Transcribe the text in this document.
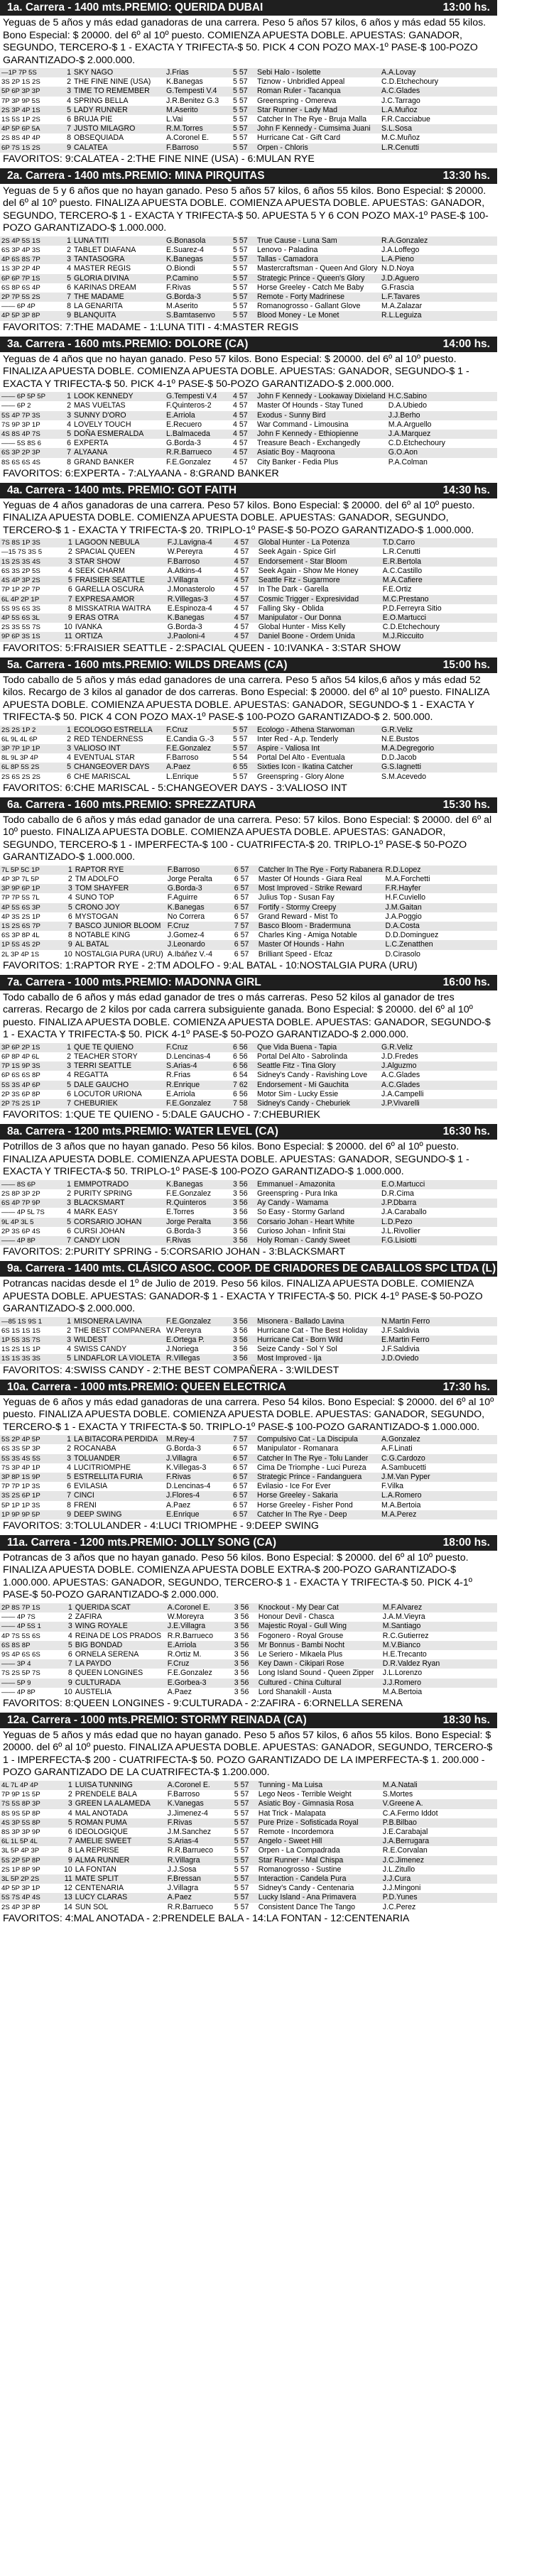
1a. Carrera - 1400 mts.PREMIO: QUERIDA DUBAI	13:00 hs.
Yeguas de 5 años y más edad ganadoras de una carrera. Peso 5 años 57 kilos, 6 años y más edad 55 kilos. Bono Especial: $ 20000. del 6º al 10º puesto. COMIENZA APUESTA DOBLE. APUESTAS: GANADOR, SEGUNDO, TERCERO-$ 1 - EXACTA Y TRIFECTA-$ 50. PICK 4 CON POZO MAX-1º PASE-$ 100-POZO GARANTIZADO-$ 2.000.000.
—1P 7P 5S	1	SKY NAGO	J.Frias	5 57	Sebi Halo - Isolette	A.A.Lovay
3S 2P 1S 2S	2	THE FINE NINE (USA)	K.Banegas	5 57	Tiznow - Unbridled Appeal	C.D.Etchechoury
5P 6P 3P 3P	3	TIME TO REMEMBER	G.Tempesti V.4	5 57	Roman Ruler - Tacanqua	A.C.Glades
7P 3P 9P 5S	4	SPRING BELLA	J.R.Benitez G.3	5 57	Greenspring - Omereva	J.C.Tarrago
2S 3P 4P 1S	5	LADY RUNNER	M.Aserito	5 57	Star Runner - Lady Mad	L.A.Muñoz
1S 5S 1P 2S	6	BRUJA PIE	L.Vai	5 57	Catcher In The Rye - Bruja Malla	F.R.Cacciabue
4P 5P 6P 5A	7	JUSTO MILAGRO	R.M.Torres	5 57	John F Kennedy - Cumsima Juani	S.L.Sosa
2S 8S 4P 4P	8	OBSEQUIADA	A.Coronel E.	5 57	Hurricane Cat - Gift Card	M.C.Muñoz
6P 7S 1S 2S	9	CALATEA	F.Barroso	5 57	Orpen - Chloris	L.R.Cenutti
FAVORITOS: 9:CALATEA - 2:THE FINE NINE (USA) - 6:MULAN RYE
2a. Carrera - 1400 mts.PREMIO: MINA PIRQUITAS	13:30 hs.
Yeguas de 5 y 6 años que no hayan ganado. Peso 5 años 57 kilos, 6 años 55 kilos. Bono Especial: $ 20000. del 6º al 10º puesto. FINALIZA APUESTA DOBLE. COMIENZA APUESTA DOBLE. APUESTAS: GANADOR, SEGUNDO, TERCERO-$ 1 - EXACTA Y TRIFECTA-$ 50. APUESTA 5 Y 6 CON POZO MAX-1º PASE-$ 100-POZO GARANTIZADO-$ 1.000.000.
2S 4P 5S 1S	1	LUNA TITI	G.Bonasola	5 57	True Cause - Luna Sam	R.A.Gonzalez
6S 3P 4P 3S	2	TABLET DIAFANA	E.Suarez-4	5 57	Lenovo - Paladina	J.A.Loffego
4P 6S 8S 7P	3	TANTASOGRA	K.Banegas	5 57	Tallas - Camadora	L.A.Pieno
1S 3P 2P 4P	4	MASTER REGIS	O.Biondi	5 57	Mastercraftsman - Queen And Glory	N.D.Noya
6P 6P 7P 1S	5	GLORIA DIVINA	P.Camino	5 57	Strategic Prince - Queen's Glory	J.D.Aguero
6S 8P 6S 4P	6	KARINAS DREAM	F.Rivas	5 57	Horse Greeley - Catch Me Baby	G.Frascia
2P 7P 5S 2S	7	THE MADAME	G.Borda-3	5 57	Remote - Forty Madrinese	L.F.Tavares
—— 6P 4P	8	LA GENARITA	M.Aserito	5 57	Romanogrosso - Gallant Glove	M.A.Zalazar
4P 5P 3P 8P	9	BLANQUITA	S.Bamtasenvo	5 57	Blood Money - Le Monet	R.L.Leguiza
FAVORITOS: 7:THE MADAME - 1:LUNA TITI - 4:MASTER REGIS
3a. Carrera - 1600 mts.PREMIO: DOLORE (CA)	14:00 hs.
Yeguas de 4 años que no hayan ganado. Peso 57 kilos. Bono Especial: $ 20000. del 6º al 10º puesto. FINALIZA APUESTA DOBLE. COMIENZA APUESTA DOBLE. APUESTAS: GANADOR, SEGUNDO-$ 1 - EXACTA Y TRIFECTA-$ 50. PICK 4-1º PASE-$ 50-POZO GARANTIZADO-$ 2.000.000.
—— 6P 5P 5P	1	LOOK KENNEDY	G.Tempesti V.4	4 57	John F Kennedy - Lookaway Dixieland	H.C.Sabino
—— 6P 2	2	MAS VUELTAS	F.Quinteros-2	4 57	Master Of Hounds - Stay Tuned	D.A.Ubiedo
5S 4P 7P 3S	3	SUNNY D'ORO	E.Arriola	4 57	Exodus - Sunny Bird	J.J.Berho
7S 9P 3P 1P	4	LOVELY TOUCH	E.Recuero	4 57	War Command - Limousina	M.A.Arguello
4S 8S 4P 7S	5	DOÑA ESMERALDA	L.Balmaceda	4 57	John F Kennedy - Ethiopienne	J.A.Marquez
—— 5S 8S 6	6	EXPERTA	G.Borda-3	4 57	Treasure Beach - Exchangedly	C.D.Etchechoury
6S 3P 2P 3P	7	ALYAANA	R.R.Barrueco	4 57	Asiatic Boy - Maqroona	G.O.Aon
8S 6S 6S 4S	8	GRAND BANKER	F.E.Gonzalez	4 57	City Banker - Fedia Plus	P.A.Colman
FAVORITOS: 6:EXPERTA - 7:ALYAANA - 8:GRAND BANKER
4a. Carrera - 1400 mts. PREMIO: GOT FAITH	14:30 hs.
Yeguas de 4 años ganadoras de una carrera. Peso 57 kilos. Bono Especial: $ 20000. del 6º al 10º puesto. FINALIZA APUESTA DOBLE. COMIENZA APUESTA DOBLE. APUESTAS: GANADOR, SEGUNDO, TERCERO-$ 1 - EXACTA Y TRIFECTA-$ 20. TRIPLO-1º PASE-$ 50-POZO GARANTIZADO-$ 1.000.000.
7S 8S 1P 3S	1	LAGOON NEBULA	F.J.Lavigna-4	4 57	Global Hunter - La Potenza	T.D.Carro
—15 7S 3S 5	2	SPACIAL QUEEN	W.Pereyra	4 57	Seek Again - Spice Girl	L.R.Cenutti
1S 2S 3S 4S	3	STAR SHOW	F.Barroso	4 57	Endorsement - Star Bloom	E.R.Bertola
6S 3S 2P 5S	4	SEEK CHARM	A.Atkins-4	4 57	Seek Again - Show Me Honey	A.C.Castillo
4S 4P 3P 2S	5	FRAISIER SEATTLE	J.Villagra	4 57	Seattle Fitz - Sugarmore	M.A.Cafiere
7P 1P 2P 7P	6	GARELLA OSCURA	J.Monasterolo	4 57	In The Dark - Garella	F.E.Ortiz
6L 4P 2P 1P	7	EXPRESA AMOR	R.Villegas-3	4 57	Cosmic Trigger - Expresividad	M.C.Prestano
5S 9S 6S 3S	8	MISSKATRIA WAITRA	E.Espinoza-4	4 57	Falling Sky - Oblida	P.D.Ferreyra Sitio
4P 5S 6S 3L	9	ERAS OTRA	K.Banegas	4 57	Manipulator - Our Donna	E.O.Martucci
2S 3S 5S 7S	10	IVANKA	G.Borda-3	4 57	Global Hunter - Miss Kelly	C.D.Etchechoury
9P 6P 3S 1S	11	ORTIZA	J.Paoloni-4	4 57	Daniel Boone - Ordem Unida	M.J.Riccuito
FAVORITOS: 5:FRAISIER SEATTLE - 2:SPACIAL QUEEN - 10:IVANKA - 3:STAR SHOW
5a. Carrera - 1600 mts.PREMIO: WILDS DREAMS (CA)	15:00 hs.
Todo caballo de 5 años y más edad ganadores de una carrera. Peso 5 años 54 kilos,6 años y más edad 52 kilos. Recargo de 3 kilos al ganador de dos carreras. Bono Especial: $ 20000. del 6º al 10º puesto. FINALIZA APUESTA DOBLE. COMIENZA APUESTA DOBLE. APUESTAS: GANADOR, SEGUNDO-$ 1 - EXACTA Y TRIFECTA-$ 50. PICK 4 CON POZO MAX-1º PASE-$ 100-POZO GARANTIZADO-$ 2. 500.000.
2S 2S 1P 2	1	ECOLOGO ESTRELLA	F.Cruz	5 57	Ecologo - Athena Starwoman	G.R.Veliz
6L 9L 4L 6P	2	RED TENDERNESS	E.Candia G.-3	5 57	Inter Red - A.p. Tenderly	N.E.Bustos
3P 7P 1P 1P	3	VALIOSO INT	F.E.Gonzalez	5 57	Aspire - Valiosa Int	M.A.Degregorio
8L 9L 3P 4P	4	EVENTUAL STAR	F.Barroso	5 54	Portal Del Alto - Eventuala	D.D.Jacob
6L 8P 5S 2S	5	CHANGEOVER DAYS	A.Paez	6 55	Sixties Icon - Ikatina Catcher	G.S.Iagnetti
2S 6S 2S 2S	6	CHE MARISCAL	L.Enrique	5 57	Greenspring - Glory Alone	S.M.Acevedo
FAVORITOS: 6:CHE MARISCAL - 5:CHANGEOVER DAYS - 3:VALIOSO INT
6a. Carrera - 1600 mts.PREMIO: SPREZZATURA	15:30 hs.
Todo caballo de 6 años y más edad ganador de una carrera. Peso: 57 kilos. Bono Especial: $ 20000. del 6º al 10º puesto. FINALIZA APUESTA DOBLE. COMIENZA APUESTA DOBLE. APUESTAS: GANADOR, SEGUNDO, TERCERO-$ 1 - IMPERFECTA-$ 100 - CUATRIFECTA-$ 20. TRIPLO-1º PASE-$ 50-POZO GARANTIZADO-$ 1.000.000.
7L 5P 5C 1P	1	RAPTOR RYE	F.Barroso	6 57	Catcher In The Rye - Forty Rabanera	R.D.Lopez
4P 3P 7L 5P	2	TM ADOLFO	Jorge Peralta	6 57	Master Of Hounds - Giara Real	M.A.Forchetti
3P 9P 6P 1P	3	TOM SHAYFER	G.Borda-3	6 57	Most Improved - Strike Reward	F.R.Hayfer
7P 7P 5S 7L	4	SUNO TOP	F.Aguirre	6 57	Julius Top - Susan Fay	H.F.Cuviello
4P 5S 6S 3P	5	CRONO JOY	K.Banegas	6 57	Fortify - Stormy Creepy	J.M.Gaitan
4P 3S 2S 1P	6	MYSTOGAN	No Correra	6 57	Grand Reward - Mist To	J.A.Poggio
1S 2S 6S 7P	7	BASCO JUNIOR BLOOM	F.Cruz	7 57	Basco Bloom - Bradermuna	D.A.Costa
6S 3P 8P 4L	8	NOTABLE KING	J.Gomez-4	6 57	Charles King - Amiga Notable	D.D.Dominguez
1P 5S 4S 2P	9	AL BATAL	J.Leonardo	6 57	Master Of Hounds - Hahn	L.C.Zenatthen
2L 3P 4P 1S	10	NOSTALGIA PURA (URU)	A.Ibáñez V.-4	6 57	Brilliant Speed - Efcaz	D.Cirasolo
FAVORITOS: 1:RAPTOR RYE - 2:TM ADOLFO - 9:AL BATAL - 10:NOSTALGIA PURA (URU)
7a. Carrera - 1000 mts.PREMIO: MADONNA GIRL	16:00 hs.
Todo caballo de 6 años y más edad ganador de tres o más carreras. Peso 52 kilos al ganador de tres carreras. Recargo de 2 kilos por cada carrera subsiguiente ganada. Bono Especial: $ 20000. del 6º al 10º puesto. FINALIZA APUESTA DOBLE. COMIENZA APUESTA DOBLE. APUESTAS: GANADOR, SEGUNDO-$ 1 - EXACTA Y TRIFECTA-$ 50. PICK 4-1º PASE-$ 50-POZO GARANTIZADO-$ 2.000.000.
3P 6P 2P 1S	1	QUE TE QUIENO	F.Cruz	6 56	Que Vida Buena - Tapia	G.R.Veliz
6P 8P 4P 6L	2	TEACHER STORY	D.Lencinas-4	6 56	Portal Del Alto - Sabrolinda	J.D.Fredes
7P 1S 9P 3S	3	TERRI SEATTLE	S.Arias-4	6 56	Seattle Fitz - Tina Glory	J.Alguzmo
6P 6S 6S 8P	4	REGATTA	R.Frias	6 54	Sidney's Candy - Ravishing Love	A.C.Glades
5S 3S 4P 6P	5	DALE GAUCHO	R.Enrique	7 62	Endorsement - Mi Gauchita	A.C.Glades
2P 3S 6P 8P	6	LOCUTOR URIONA	E.Arriola	6 56	Motor Sim - Lucky Essie	J.A.Campelli
2P 7S 2S 1P	7	CHEBURIEK	F.E.Gonzalez	7 58	Sidney's Candy - Cheburiek	J.P.Vivarelli
FAVORITOS: 1:QUE TE QUIENO - 5:DALE GAUCHO - 7:CHEBURIEK
8a. Carrera - 1200 mts.PREMIO: WATER LEVEL (CA)	16:30 hs.
Potrillos de 3 años que no hayan ganado. Peso 56 kilos. Bono Especial: $ 20000. del 6º al 10º puesto. FINALIZA APUESTA DOBLE. COMIENZA APUESTA DOBLE. APUESTAS: GANADOR, SEGUNDO-$ 1 - EXACTA Y TRIFECTA-$ 50. TRIPLO-1º PASE-$ 100-POZO GARANTIZADO-$ 1.000.000.
—— 8S 6P	1	EMMPOTRADO	K.Banegas	3 56	Emmanuel - Amazonita	E.O.Martucci
2S 8P 3P 2P	2	PURITY SPRING	F.E.Gonzalez	3 56	Greenspring - Pura Inka	D.R.Cima
6S 4P 7P 9P	3	BLACKSMART	R.Quinteros	3 56	Ay Candy - Wamama	J.P.Dbarra
—— 4P 5L 7S	4	MARK EASY	E.Torres	3 56	So Easy - Stormy Garland	J.A.Caraballo
9L 4P 3L 5	5	CORSARIO JOHAN	Jorge Peralta	3 56	Corsario Johan - Heart White	L.D.Pezo
2P 3S 6P 4S	6	CURSI JOHAN	G.Borda-3	3 56	Curioso Johan - Infinit Stai	J.L.Rivollier
—— 4P 8P	7	CANDY LION	F.Rivas	3 56	Holy Roman - Candy Sweet	F.G.Lisiotti
FAVORITOS: 2:PURITY SPRING - 5:CORSARIO JOHAN - 3:BLACKSMART
9a. Carrera - 1400 mts. CLÁSICO ASOC. COOP. DE CRIADORES DE CABALLOS SPC LTDA (L) 17:00 hs.
Potrancas nacidas desde el 1º de Julio de 2019. Peso 56 kilos. FINALIZA APUESTA DOBLE. COMIENZA APUESTA DOBLE. APUESTAS: GANADOR-$ 1 - EXACTA Y TRIFECTA-$ 50. PICK 4-1º PASE-$ 50-POZO GARANTIZADO-$ 2.000.000.
—85 1S 9S 1	1	MISONERA LAVINA	F.E.Gonzalez	3 56	Misonera - Ballado Lavina	N.Martin Ferro
6S 1S 1S 1S	2	THE BEST COMPANERA	W.Pereyra	3 56	Hurricane Cat - The Best Holiday	J.F.Saldivia
1P 5S 3S 7S	3	WILDEST	E.Ortega P.	3 56	Hurricane Cat - Born Wild	E.Martin Ferro
1S 2S 1S 1P	4	SWISS CANDY	J.Noriega	3 56	Seize Candy - Sol Y Sol	J.F.Saldivia
1S 1S 3S 3S	5	LINDAFLOR LA VIOLETA	R.Villegas	3 56	Most Improved - Ija	J.D.Oviedo
FAVORITOS: 4:SWISS CANDY - 2:THE BEST COMPAÑERA - 3:WILDEST
10a. Carrera - 1000 mts.PREMIO: QUEEN ELECTRICA	17:30 hs.
Yeguas de 6 años y más edad ganadoras de una carrera. Peso 54 kilos. Bono Especial: $ 20000. del 6º al 10º puesto. FINALIZA APUESTA DOBLE. COMIENZA APUESTA DOBLE. APUESTAS: GANADOR, SEGUNDO, TERCERO-$ 1 - EXACTA Y TRIFECTA-$ 50. TRIPLO-1º PASE-$ 100-POZO GARANTIZADO-$ 1.000.000.
5S 2P 4P 5P	1	LA BITACORA PERDIDA	M.Rey-4	7 57	Compulsivo Cat - La Discipula	A.Gonzalez
6S 3S 5P 3P	2	ROCANABA	G.Borda-3	6 57	Manipulator - Romanara	A.F.Linati
5S 3S 4S 5S	3	TOLUANDER	J.Villagra	6 57	Catcher In The Rye - Tolu Lander	C.G.Cardozo
7S 3P 4P 1P	4	LUCITRIOMPHE	K.Villegas-3	6 57	Cima De Triomphe - Luci Pureza	A.Sambucetti
3P 8P 1S 9P	5	ESTRELLITA FURIA	F.Rivas	6 57	Strategic Prince - Fandanguera	J.M.Van Pyper
7P 7P 1P 3S	6	EVILASIA	D.Lencinas-4	6 57	Evilasio - Ice For Ever	F.Vilka
3S 2S 6P 1P	7	CINCI	J.Flores-4	6 57	Horse Greeley - Sakaria	L.A.Romero
5P 1P 1P 3S	8	FRENI	A.Paez	6 57	Horse Greeley - Fisher Pond	M.A.Bertoia
1P 9P 9P 5P	9	DEEP SWING	E.Enrique	6 57	Catcher In The Rye - Deep	M.A.Perez
FAVORITOS: 3:TOLULANDER - 4:LUCI TRIOMPHE - 9:DEEP SWING
11a. Carrera - 1200 mts.PREMIO: JOLLY SONG (CA)	18:00 hs.
Potrancas de 3 años que no hayan ganado. Peso 56 kilos. Bono Especial: $ 20000. del 6º al 10º puesto. FINALIZA APUESTA DOBLE. COMIENZA APUESTA DOBLE EXTRA-$ 200-POZO GARANTIZADO-$ 1.000.000. APUESTAS: GANADOR, SEGUNDO, TERCERO-$ 1 - EXACTA Y TRIFECTA-$ 50. PICK 4-1º PASE-$ 50-POZO GARANTIZADO-$ 2.000.000.
2P 8S 7P 1S	1	QUERIDA SCAT	A.Coronel E.	3 56	Knockout - My Dear Cat	M.F.Alvarez
—— 4P 7S	2	ZAFIRA	W.Moreyra	3 56	Honour Devil - Chasca	J.A.M.Vieyra
—— 4P 5S 1	3	WING ROYALE	J.E.Villagra	3 56	Majestic Royal - Gull Wing	M.Santiago
4P 7S 5S 6S	4	REINA DE LOS PRADOS	R.R.Barrueco	3 56	Fogonero - Royal Grouse	R.C.Gutierrez
6S 8S 8P	5	BIG BONDAD	E.Arriola	3 56	Mr Bonnus - Bambi Nocht	M.V.Bianco
9S 4P 6S 6S	6	ORNELA SERENA	R.Ortiz M.	3 56	Le Seriero - Mikaela Plus	H.E.Trecanto
—— 3P 4	7	LA PAYDO	F.Cruz	3 56	Key Dawn - Cikipari Rose	D.R.Valdez Ryan
7S 2S 5P 7S	8	QUEEN LONGINES	F.E.Gonzalez	3 56	Long Island Sound - Queen Zipper	J.L.Lorenzo
—— 5P 9	9	CULTURADA	E.Gorbea-3	3 56	Cultured - China Cultural	J.J.Romero
—— 4P 8P	10	AUSTELIA	A.Paez	3 56	Lord Shanakill - Austa	M.A.Bertoia
FAVORITOS: 8:QUEEN LONGINES - 9:CULTURADA - 2:ZAFIRA - 6:ORNELLA SERENA
12a. Carrera - 1000 mts.PREMIO: STORMY REINADA (CA)	18:30 hs.
Yeguas de 5 años y más edad que no hayan ganado. Peso 5 años 57 kilos, 6 años 55 kilos. Bono Especial: $ 20000. del 6º al 10º puesto. FINALIZA APUESTA DOBLE. APUESTAS: GANADOR, SEGUNDO, TERCERO-$ 1 - IMPERFECTA-$ 200 - CUATRIFECTA-$ 50. POZO GARANTIZADO DE LA IMPERFECTA-$ 1. 200.000 - POZO GARANTIZADO DE LA CUATRIFECTA-$ 1.200.000.
4L 7L 4P 4P	1	LUISA TUNNING	A.Coronel E.	5 57	Tunning - Ma Luisa	M.A.Natali
7P 9P 1S 5P	2	PRENDELE BALA	F.Barroso	5 57	Lego Neos - Terrible Weight	S.Mortes
7S 5S 8P 3P	3	GREEN LA ALAMEDA	K.Vanegas	5 57	Asiatic Boy - Gimnasia Rosa	V.Greene A.
8S 9S 5P 8P	4	MAL ANOTADA	J.Jimenez-4	5 57	Hat Trick - Malapata	C.A.Fermo Iddot
4S 3P 5S 8P	5	ROMAN PUMA	F.Rivas	5 57	Pure Prize - Sofisticada Royal	P.B.Bilbao
8S 3P 3P 9P	6	IDEOLOGIQUE	J.M.Sanchez	5 57	Remote - Incordemora	J.E.Carabajal
6L 1L 5P 4L	7	AMELIE SWEET	S.Arias-4	5 57	Angelo - Sweet Hill	J.A.Berrugara
3L 5P 4P 3P	8	LA REPRISE	R.R.Barrueco	5 57	Orpen - La Compadrada	R.E.Corvalan
5S 2P 5P 8P	9	ALMA RUNNER	R.Villagra	5 57	Star Runner - Mal Chispa	J.C.Jimenez
2S 1P 8P 9P	10	LA FONTAN	J.J.Sosa	5 57	Romanogrosso - Sustine	J.L.Zitullo
3L 5P 2P 2S	11	MATE SPLIT	F.Bressan	5 57	Interaction - Candela Pura	J.J.Cura
4P 5P 3P 1P	12	CENTENARIA	J.Villagra	5 57	Sidney's Candy - Centenaria	J.J.Mingoni
5S 7S 4P 4S	13	LUCY CLARAS	A.Paez	5 57	Lucky Island - Ana Primavera	P.D.Yunes
2S 4P 3P 8P	14	SUN SOL	R.R.Barrueco	5 57	Consistent Dance The Tango	J.C.Perez
FAVORITOS: 4:MAL ANOTADA - 2:PRENDELE BALA - 14:LA FONTAN - 12:CENTENARIA
